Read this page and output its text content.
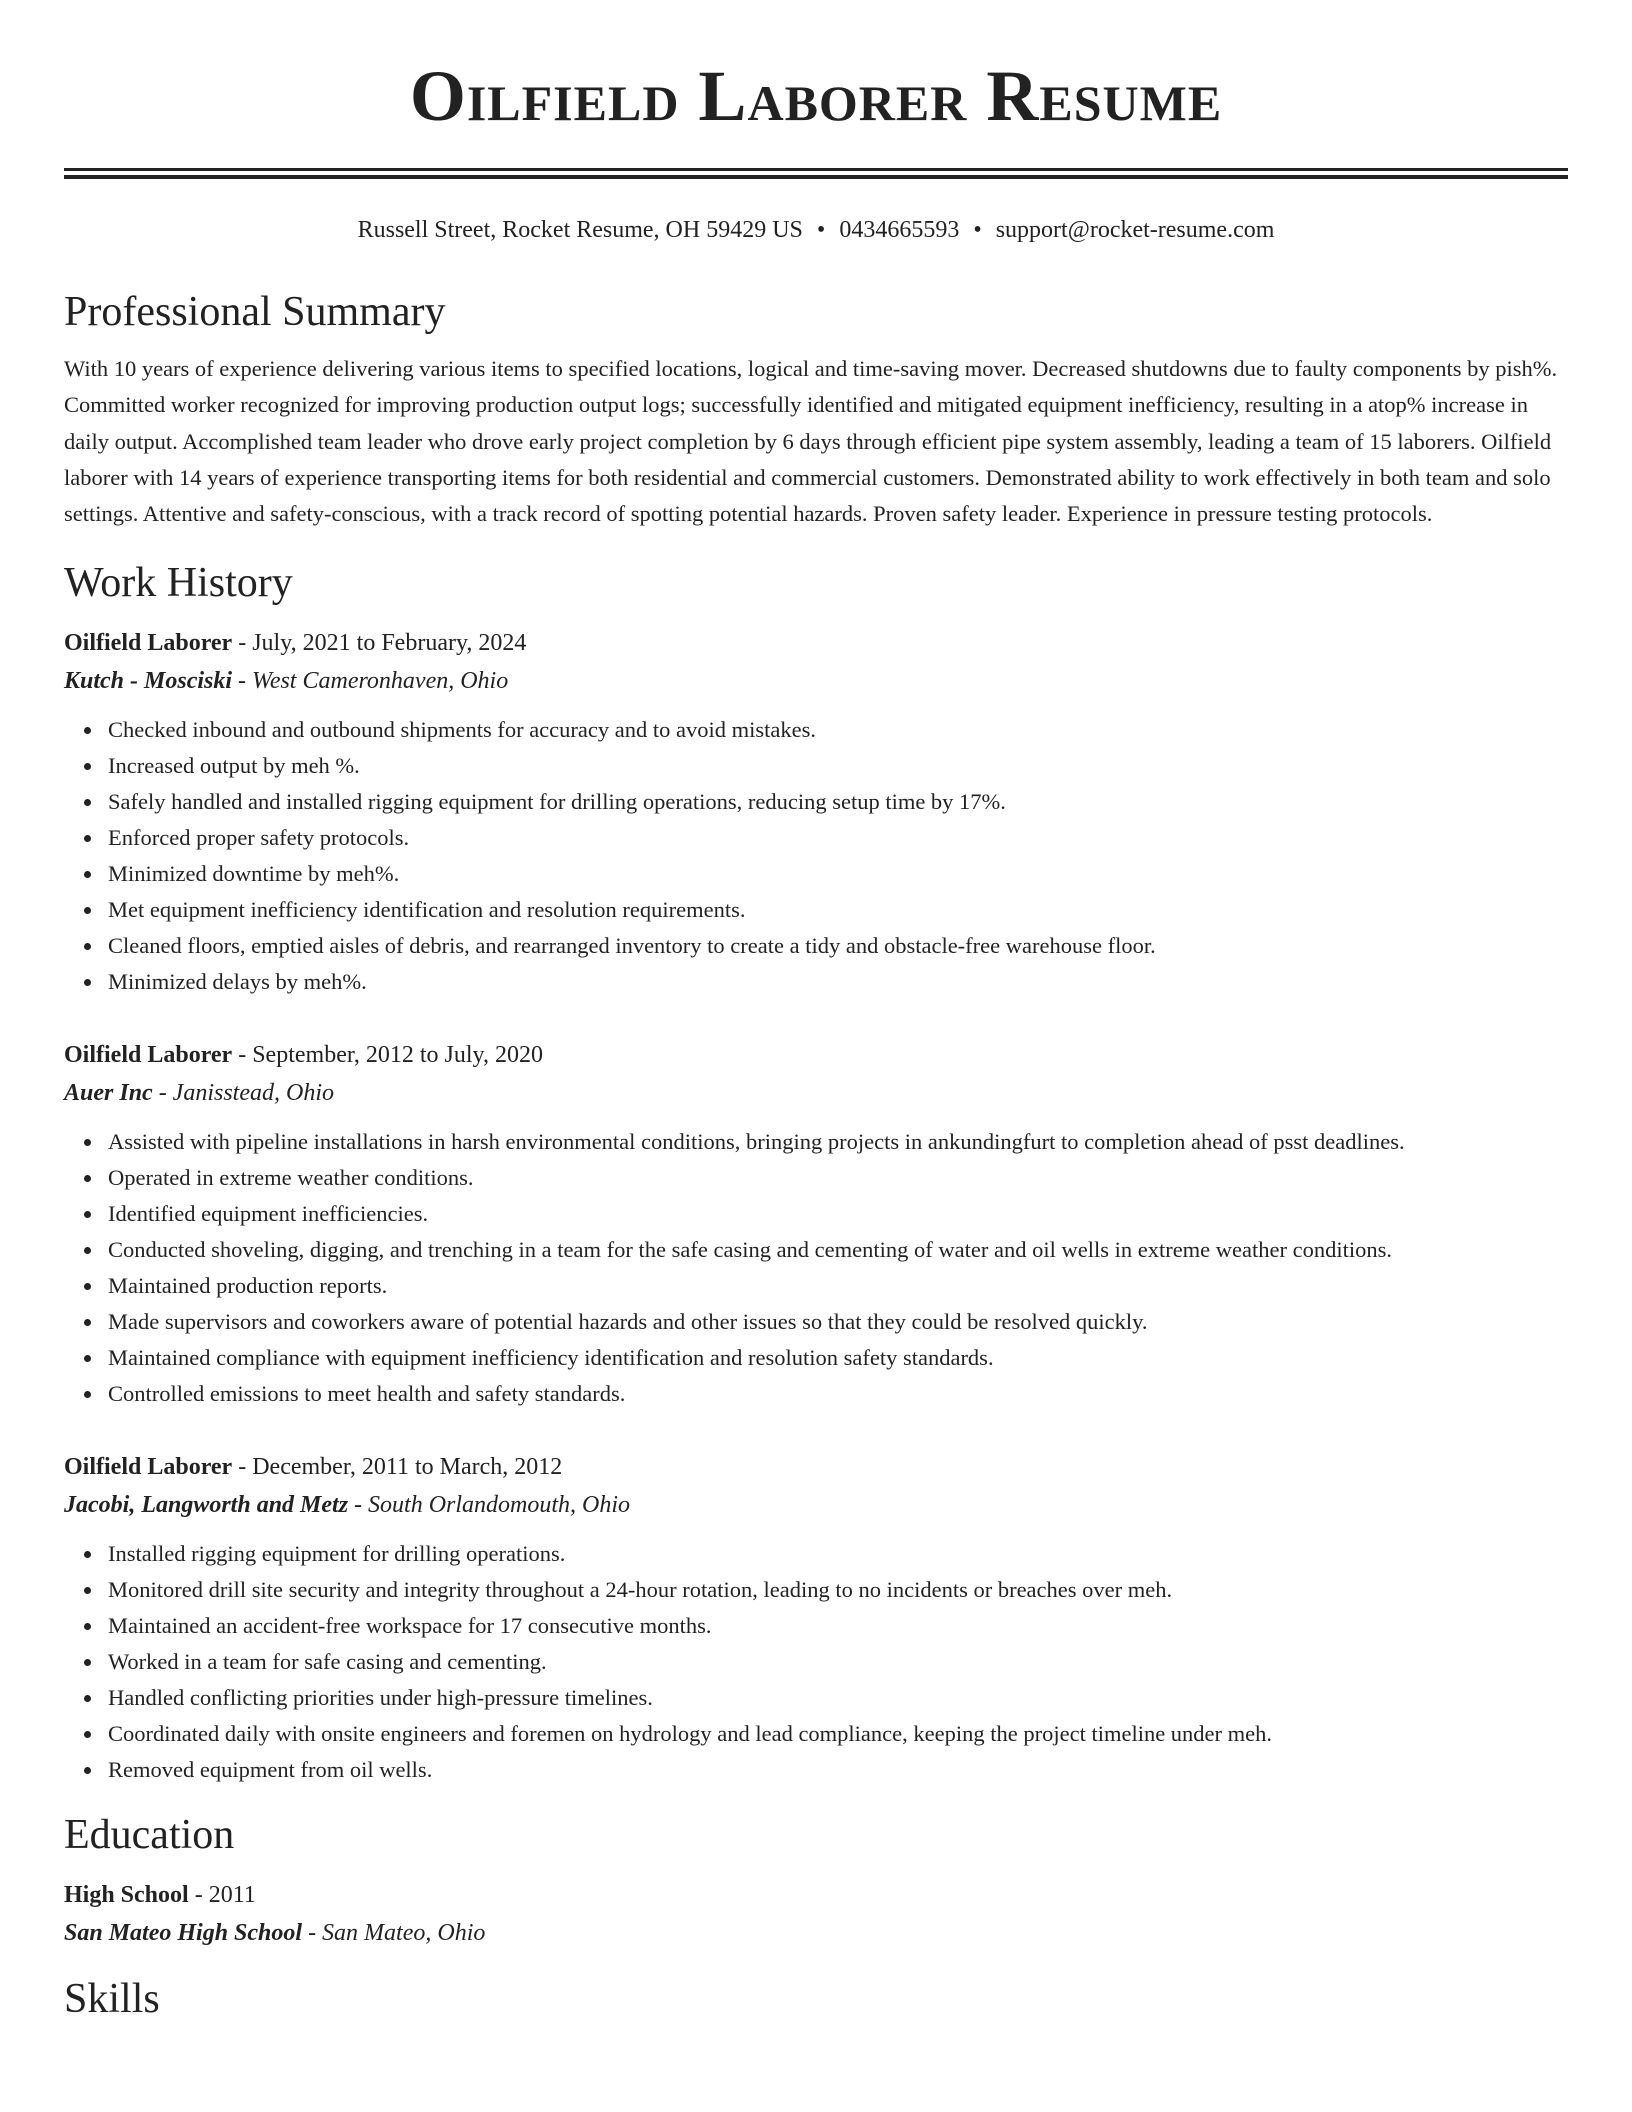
Oilfield Laborer Resume
Russell Street, Rocket Resume, OH 59429 US • 0434665593 • support@rocket-resume.com
Professional Summary

With 10 years of experience delivering various items to specified locations, logical and time-saving mover. Decreased shutdowns due to faulty components by pish%. Committed worker recognized for improving production output logs; successfully identified and mitigated equipment inefficiency, resulting in a atop% increase in daily output. Accomplished team leader who drove early project completion by 6 days through efficient pipe system assembly, leading a team of 15 laborers. Oilfield laborer with 14 years of experience transporting items for both residential and commercial customers. Demonstrated ability to work effectively in both team and solo settings. Attentive and safety-conscious, with a track record of spotting potential hazards. Proven safety leader. Experience in pressure testing protocols.

Work History
Oilfield Laborer - July, 2021 to February, 2024
Kutch - Mosciski - West Cameronhaven, Ohio
Checked inbound and outbound shipments for accuracy and to avoid mistakes.
Increased output by meh %.
Safely handled and installed rigging equipment for drilling operations, reducing setup time by 17%.
Enforced proper safety protocols.
Minimized downtime by meh%.
Met equipment inefficiency identification and resolution requirements.
Cleaned floors, emptied aisles of debris, and rearranged inventory to create a tidy and obstacle-free warehouse floor.
Minimized delays by meh%.
Oilfield Laborer - September, 2012 to July, 2020
Auer Inc - Janisstead, Ohio
Assisted with pipeline installations in harsh environmental conditions, bringing projects in ankundingfurt to completion ahead of psst deadlines.
Operated in extreme weather conditions.
Identified equipment inefficiencies.
Conducted shoveling, digging, and trenching in a team for the safe casing and cementing of water and oil wells in extreme weather conditions.
Maintained production reports.
Made supervisors and coworkers aware of potential hazards and other issues so that they could be resolved quickly.
Maintained compliance with equipment inefficiency identification and resolution safety standards.
Controlled emissions to meet health and safety standards.
Oilfield Laborer - December, 2011 to March, 2012
Jacobi, Langworth and Metz - South Orlandomouth, Ohio
Installed rigging equipment for drilling operations.
Monitored drill site security and integrity throughout a 24-hour rotation, leading to no incidents or breaches over meh.
Maintained an accident-free workspace for 17 consecutive months.
Worked in a team for safe casing and cementing.
Handled conflicting priorities under high-pressure timelines.
Coordinated daily with onsite engineers and foremen on hydrology and lead compliance, keeping the project timeline under meh.
Removed equipment from oil wells.
Education
High School - 2011
San Mateo High School - San Mateo, Ohio
Skills
